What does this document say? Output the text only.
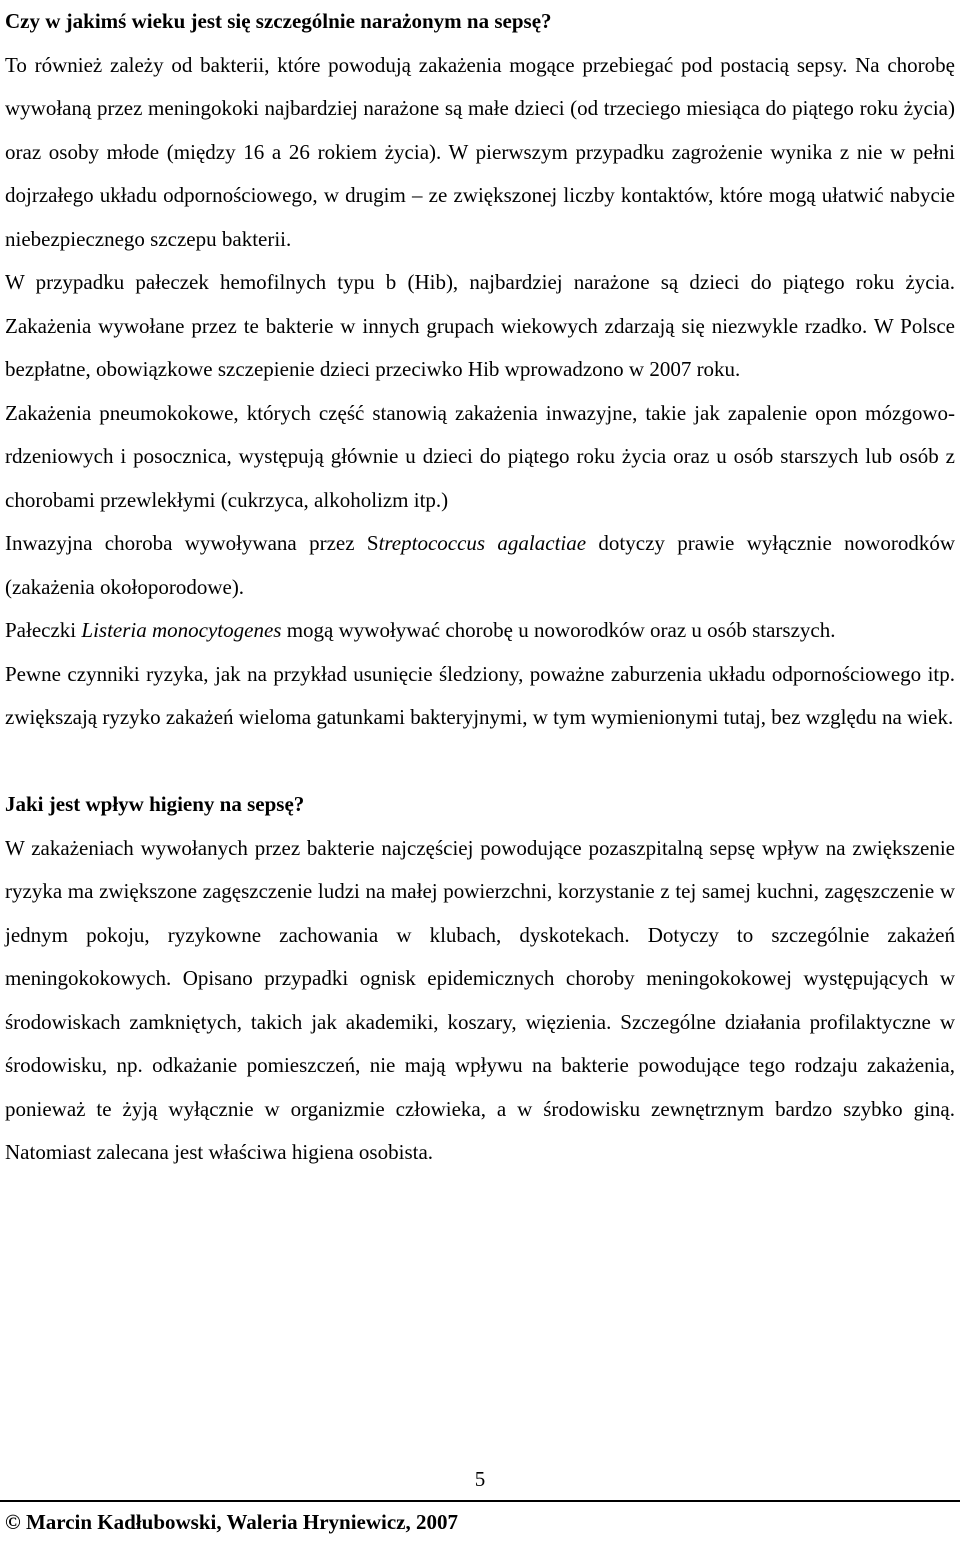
Czy w jakimś wieku jest się szczególnie narażonym na sepsę?

To również zależy od bakterii, które powodują zakażenia mogące przebiegać pod postacią sepsy. Na chorobę wywołaną przez meningokoki najbardziej narażone są małe dzieci (od trzeciego miesiąca do piątego roku życia) oraz osoby młode (między 16 a 26 rokiem życia). W pierwszym przypadku zagrożenie wynika z nie w pełni dojrzałego układu odpornościowego, w drugim – ze zwiększonej liczby kontaktów, które mogą ułatwić nabycie niebezpiecznego szczepu bakterii.

W przypadku pałeczek hemofilnych typu b (Hib), najbardziej narażone są dzieci do piątego roku życia. Zakażenia wywołane przez te bakterie w innych grupach wiekowych zdarzają się niezwykle rzadko. W Polsce bezpłatne, obowiązkowe szczepienie dzieci przeciwko Hib wprowadzono w 2007 roku.

Zakażenia pneumokokowe, których część stanowią zakażenia inwazyjne, takie jak zapalenie opon mózgowo-rdzeniowych i posocznica, występują głównie u dzieci do piątego roku życia oraz u osób starszych lub osób z chorobami przewlekłymi (cukrzyca, alkoholizm itp.)

Inwazyjna choroba wywoływana przez Streptococcus agalactiae dotyczy prawie wyłącznie noworodków (zakażenia okołoporodowe).

Pałeczki Listeria monocytogenes mogą wywoływać chorobę u noworodków oraz u osób starszych.

Pewne czynniki ryzyka, jak na przykład usunięcie śledziony, poważne zaburzenia układu odpornościowego itp. zwiększają ryzyko zakażeń wieloma gatunkami bakteryjnymi, w tym wymienionymi tutaj, bez względu na wiek.

Jaki jest wpływ higieny na sepsę?

W zakażeniach wywołanych przez bakterie najczęściej powodujące pozaszpitalną sepsę wpływ na zwiększenie ryzyka ma zwiększone zagęszczenie ludzi na małej powierzchni, korzystanie z tej samej kuchni, zagęszczenie w jednym pokoju, ryzykowne zachowania w klubach, dyskotekach. Dotyczy to szczególnie zakażeń meningokokowych. Opisano przypadki ognisk epidemicznych choroby meningokokowej występujących w środowiskach zamkniętych, takich jak akademiki, koszary, więzienia. Szczególne działania profilaktyczne w środowisku, np. odkażanie pomieszczeń, nie mają wpływu na bakterie powodujące tego rodzaju zakażenia, ponieważ te żyją wyłącznie w organizmie człowieka, a w środowisku zewnętrznym bardzo szybko giną. Natomiast zalecana jest właściwa higiena osobista.

5
© Marcin Kadłubowski, Waleria Hryniewicz, 2007
